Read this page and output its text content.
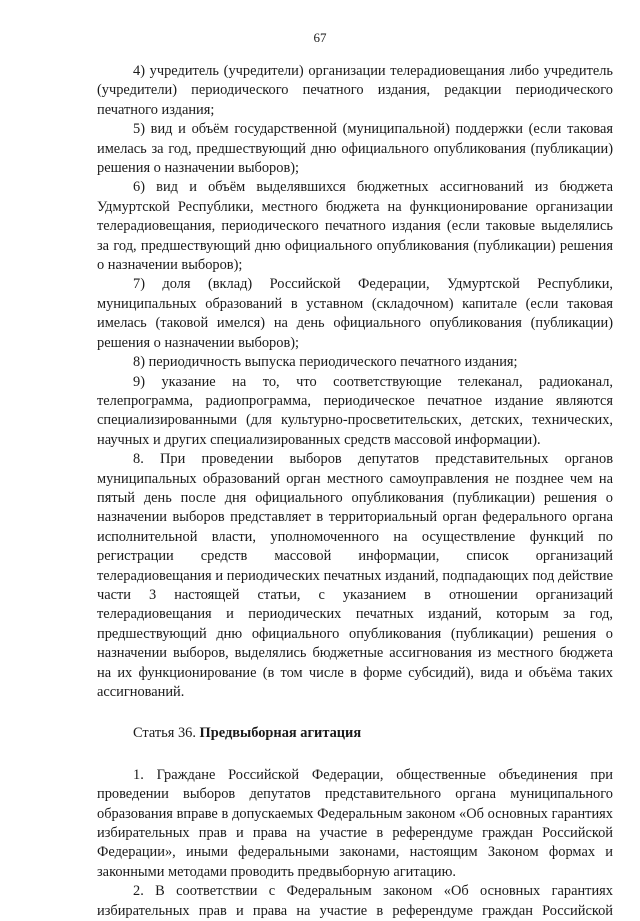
67

4) учредитель (учредители) организации телерадиовещания либо учредитель (учредители) периодического печатного издания, редакции периодического печатного издания;

5) вид и объём государственной (муниципальной) поддержки (если таковая имелась за год, предшествующий дню официального опубликования (публикации) решения о назначении выборов);

6) вид и объём выделявшихся бюджетных ассигнований из бюджета Удмуртской Республики, местного бюджета на функционирование организации телерадиовещания, периодического печатного издания (если таковые выделялись за год, предшествующий дню официального опубликования (публикации) решения о назначении выборов);

7) доля (вклад) Российской Федерации, Удмуртской Республики, муниципальных образований в уставном (складочном) капитале (если таковая имелась (таковой имелся) на день официального опубликования (публикации) решения о назначении выборов);

8) периодичность выпуска периодического печатного издания;

9) указание на то, что соответствующие телеканал, радиоканал, телепрограмма, радиопрограмма, периодическое печатное издание являются специализированными (для культурно-просветительских, детских, технических, научных и других специализированных средств массовой информации).

8. При проведении выборов депутатов представительных органов муниципальных образований орган местного самоуправления не позднее чем на пятый день после дня официального опубликования (публикации) решения о назначении выборов представляет в территориальный орган федерального органа исполнительной власти, уполномоченного на осуществление функций по регистрации средств массовой информации, список организаций телерадиовещания и периодических печатных изданий, подпадающих под действие части 3 настоящей статьи, с указанием в отношении организаций телерадиовещания и периодических печатных изданий, которым за год, предшествующий дню официального опубликования (публикации) решения о назначении выборов, выделялись бюджетные ассигнования из местного бюджета на их функционирование (в том числе в форме субсидий), вида и объёма таких ассигнований.

Статья 36. Предвыборная агитация

1. Граждане Российской Федерации, общественные объединения при проведении выборов депутатов представительного органа муниципального образования вправе в допускаемых Федеральным законом «Об основных гарантиях избирательных прав и права на участие в референдуме граждан Российской Федерации», иными федеральными законами, настоящим Законом формах и законными методами проводить предвыборную агитацию.

2. В соответствии с Федеральным законом «Об основных гарантиях избирательных прав и права на участие в референдуме граждан Российской
